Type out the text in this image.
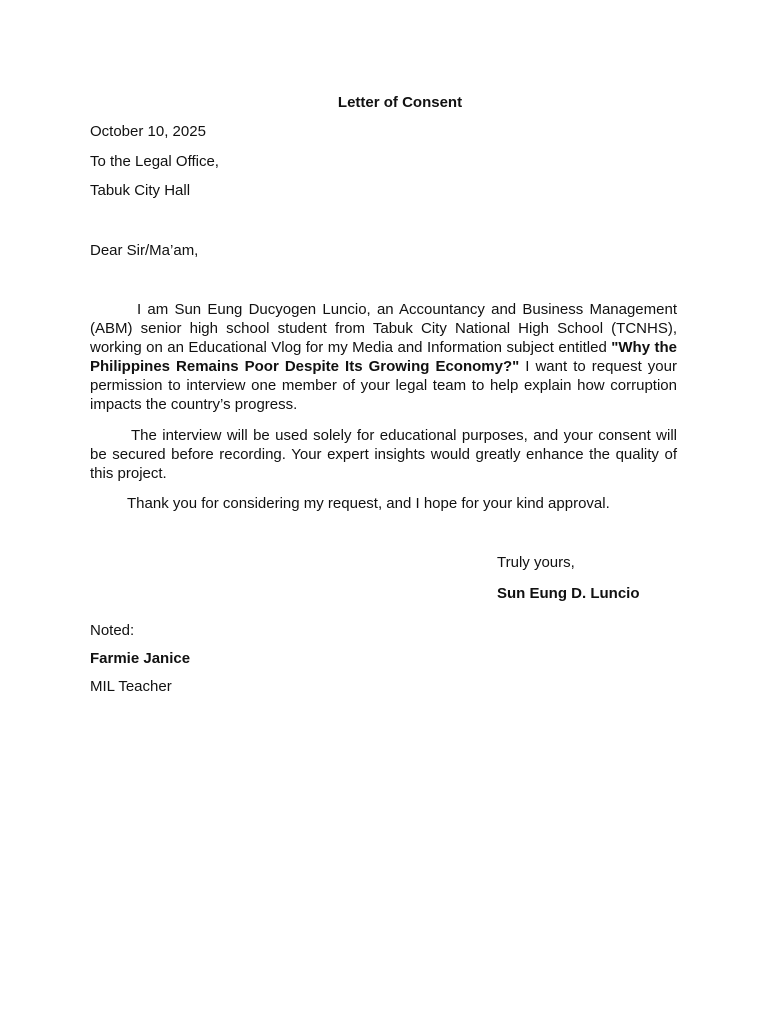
Letter of Consent
October 10, 2025
To the Legal Office,
Tabuk City Hall
Dear Sir/Ma’am,

I am Sun Eung Ducyogen Luncio, an Accountancy and Business Management (ABM) senior high school student from Tabuk City National High School (TCNHS), working on an Educational Vlog for my Media and Information subject entitled "Why the Philippines Remains Poor Despite Its Growing Economy?" I want to request your permission to interview one member of your legal team to help explain how corruption impacts the country’s progress.

The interview will be used solely for educational purposes, and your consent will be secured before recording. Your expert insights would greatly enhance the quality of this project.

Thank you for considering my request, and I hope for your kind approval.

Truly yours,
Sun Eung D. Luncio
Noted:
Farmie Janice
MIL Teacher
